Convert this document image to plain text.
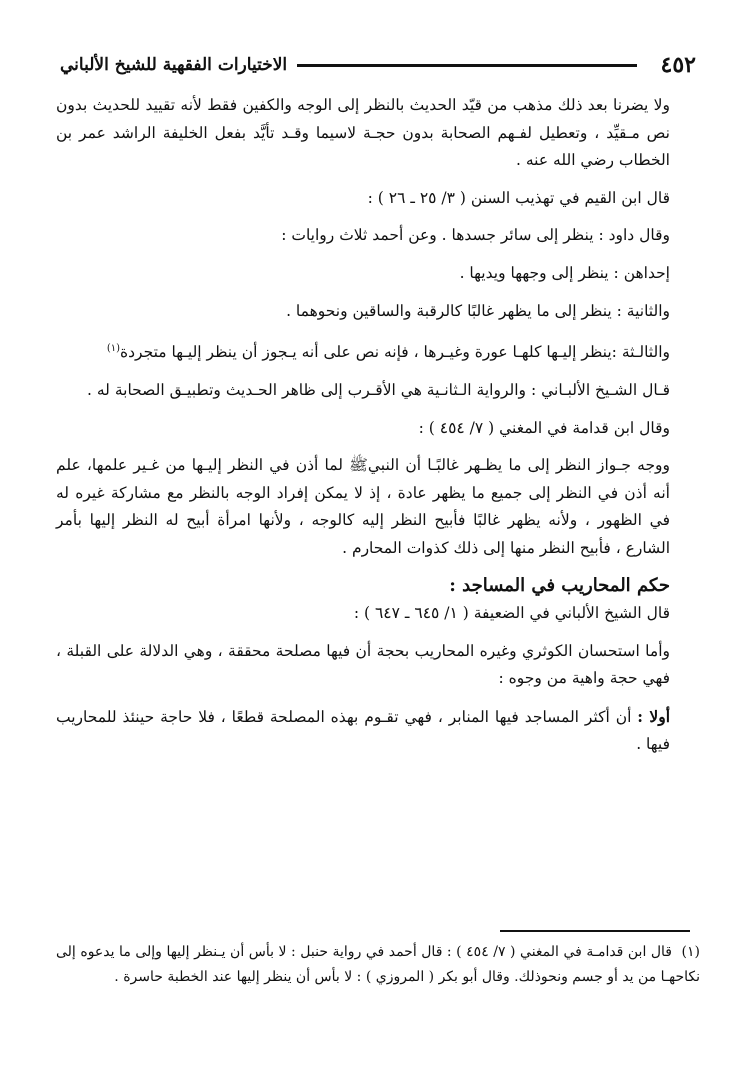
٤٥٢
الاختيارات الفقهية للشيخ الألباني

ولا يضرنا بعد ذلك مذهب من قيّد الحديث بالنظر إلى الوجه والكفين فقط لأنه تقييد للحديث بدون نص مـقيِّد ، وتعطيل لفـهم الصحابة بدون حجـة لاسيما وقـد تأيَّد بفعل الخليفة الراشد عمر بن الخطاب رضي الله عنه .

قال ابن القيم في تهذيب السنن ( ٣/ ٢٥ ـ ٢٦ ) :

وقال داود : ينظر إلى سائر جسدها . وعن أحمد ثلاث روايات :

إحداهن : ينظر إلى وجهها ويديها .

والثانية : ينظر إلى ما يظهر غالبًا كالرقبة والساقين ونحوهما .

والثالـثة :ينظر إليـها كلهـا عورة وغيـرها ، فإنه نص على أنه يـجوز أن ينظر إليـها متجردة$^{(١)}$

قـال الشـيخ الألبـاني : والرواية الـثانـية هي الأقـرب إلى ظاهر الحـديث وتطبيـق الصحابة له .

وقال ابن قدامة في المغني ( ٧/ ٤٥٤ ) :

ووجه جـواز النظر إلى ما يظـهر غالبًـا أن النبيﷺ لما أذن في النظر إليـها من غـير علمها، علم أنه أذن في النظر إلى جميع ما يظهر عادة ، إذ لا يمكن إفراد الوجه بالنظر مع مشاركة غيره له في الظهور ، ولأنه يظهر غالبًا فأبيح النظر إليه كالوجه ، ولأنها امرأة أبيح له النظر إليها بأمر الشارع ، فأبيح النظر منها إلى ذلك كذوات المحارم .

حكم المحاريب في المساجد :

قال الشيخ الألباني في الضعيفة ( ١/ ٦٤٥ ـ ٦٤٧ ) :

وأما استحسان الكوثري وغيره المحاريب بحجة أن فيها مصلحة محققة ، وهي الدلالة على القبلة ، فهي حجة واهية من وجوه :

أولا : أن أكثر المساجد فيها المنابر ، فهي تقـوم بهذه المصلحة قطعًا ، فلا حاجة حينئذ للمحاريب فيها .

(١)قال ابن قدامـة في المغني ( ٧/ ٤٥٤ ) : قال أحمد في رواية حنبل : لا بأس أن يـنظر إليها وإلى ما يدعوه إلى نكاحهـا من يد أو جسم ونحوذلك. وقال أبو بكر ( المروزي ) : لا بأس أن ينظر إليها عند الخطبة حاسرة .
